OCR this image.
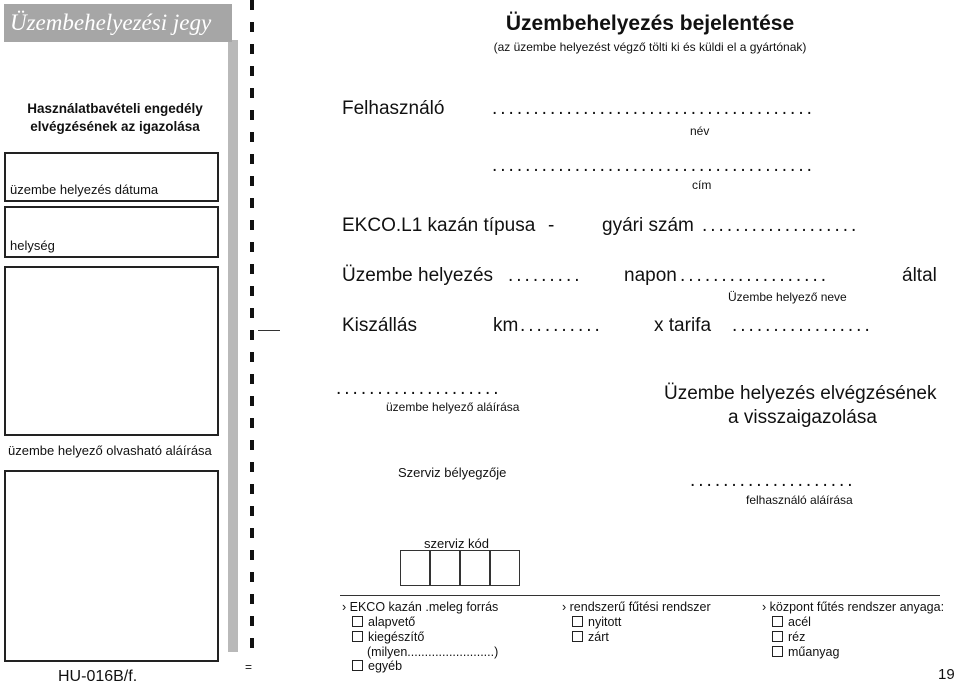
Üzembehelyezési jegy
Használatbavételi engedély elvégzésének az igazolása
üzembe helyezés dátuma
helység
üzembe helyező olvasható aláírása
HU-016B/f.
=
Üzembehelyezés bejelentése
(az üzembe helyezést végző tölti ki és küldi el a gyártónak)
Felhasználó	.......................................
név
.......................................
cím
EKCO.L1 kazán típusa -	gyári szám ...................
Üzembe helyezés ......... napon ..................	által
Üzembe helyező neve
Kiszállás	km ..........	x tarifa .................
....................
üzembe helyező aláírása
Üzembe helyezés elvégzésének
a visszaigazolása
Szerviz bélyegzője	....................
felhasználó aláírása
szerviz kód
› EKCO kazán .meleg forrás
alapvető
kiegészítő
(milyen.........................)
egyéb
› rendszerű fűtési rendszer
nyitott
zárt
› központ fűtés rendszer anyaga:
acél
réz
műanyag
19
